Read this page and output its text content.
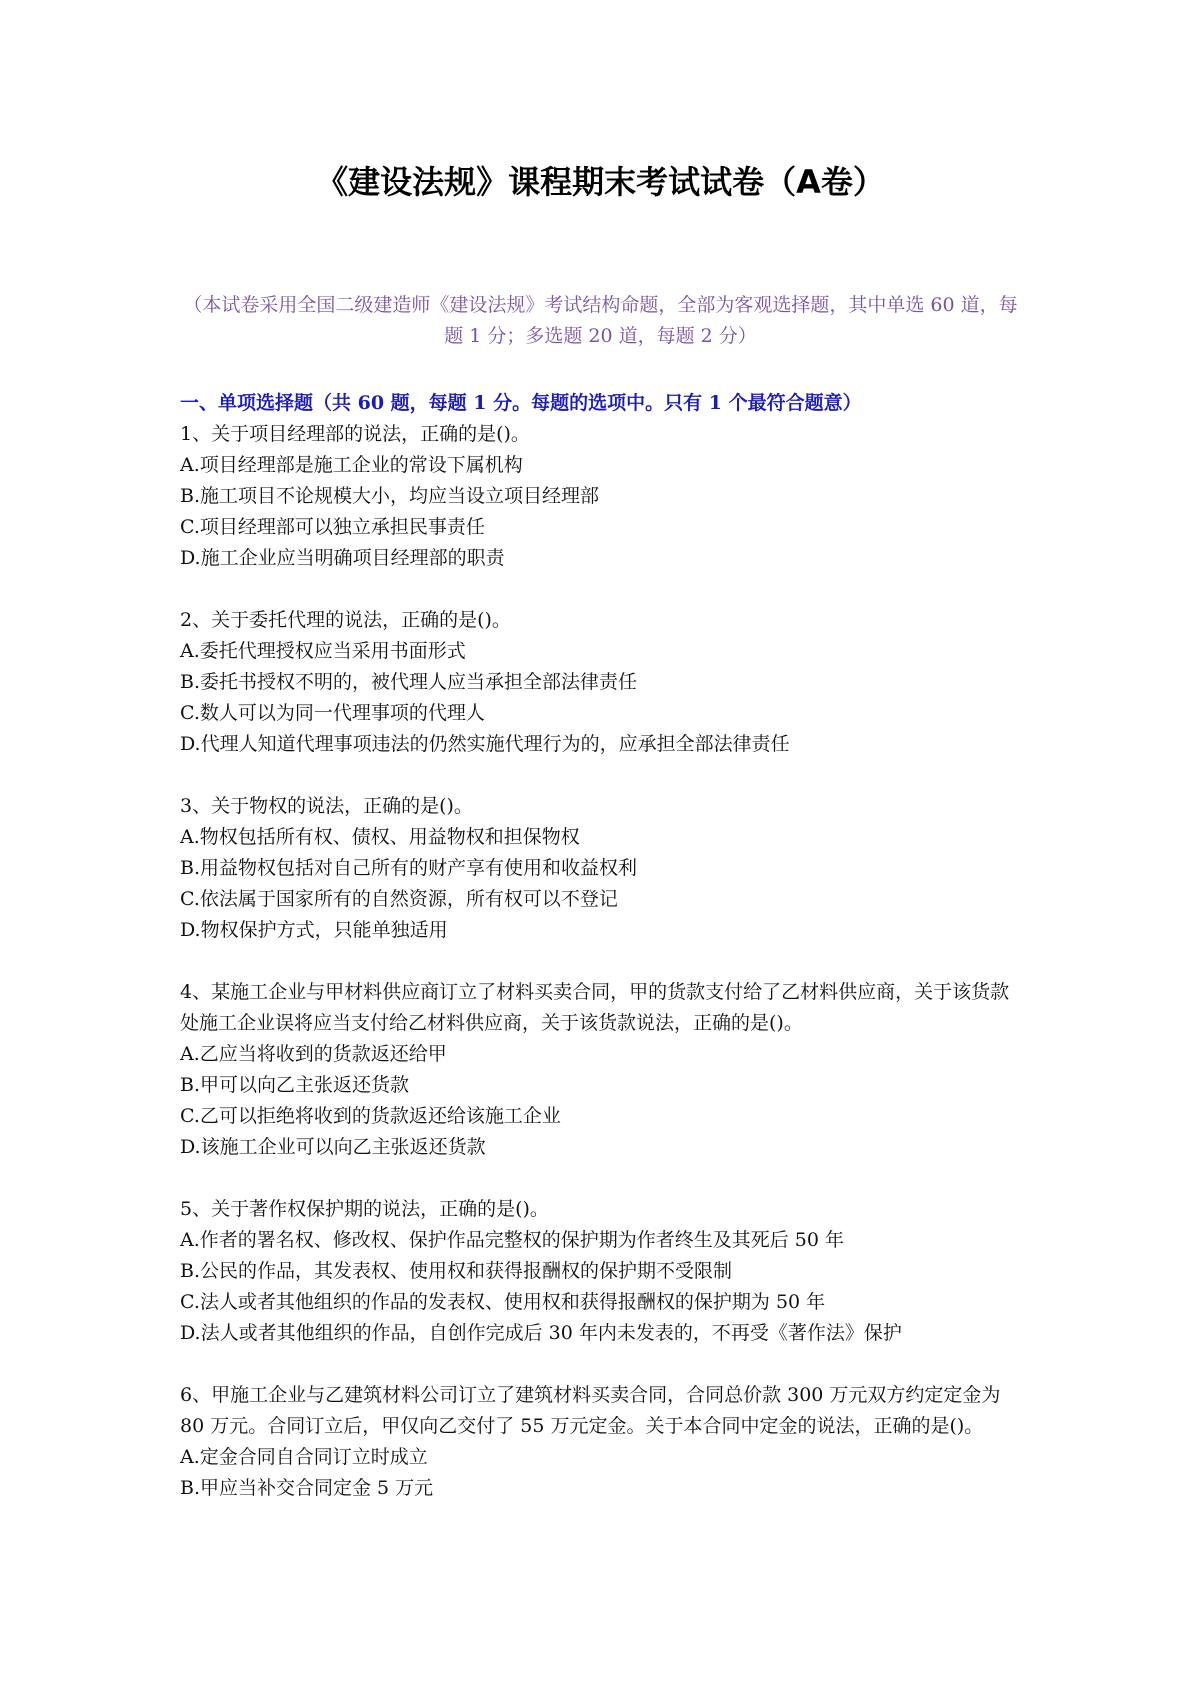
《建设法规》课程期末考试试卷（A卷）

（本试卷采用全国二级建造师《建设法规》考试结构命题，全部为客观选择题，其中单选 60 道，每题 1 分；多选题 20 道，每题 2 分）

一、单项选择题（共 60 题，每题 1 分。每题的选项中。只有 1 个最符合题意）
1、关于项目经理部的说法，正确的是()。
A.项目经理部是施工企业的常设下属机构
B.施工项目不论规模大小，均应当设立项目经理部
C.项目经理部可以独立承担民事责任
D.施工企业应当明确项目经理部的职责
2、关于委托代理的说法，正确的是()。
A.委托代理授权应当采用书面形式
B.委托书授权不明的，被代理人应当承担全部法律责任
C.数人可以为同一代理事项的代理人
D.代理人知道代理事项违法的仍然实施代理行为的，应承担全部法律责任
3、关于物权的说法，正确的是()。
A.物权包括所有权、债权、用益物权和担保物权
B.用益物权包括对自己所有的财产享有使用和收益权利
C.依法属于国家所有的自然资源，所有权可以不登记
D.物权保护方式，只能单独适用
4、某施工企业与甲材料供应商订立了材料买卖合同，甲的货款支付给了乙材料供应商，关于该货款处施工企业误将应当支付给乙材料供应商，关于该货款说法，正确的是()。
A.乙应当将收到的货款返还给甲
B.甲可以向乙主张返还货款
C.乙可以拒绝将收到的货款返还给该施工企业
D.该施工企业可以向乙主张返还货款
5、关于著作权保护期的说法，正确的是()。
A.作者的署名权、修改权、保护作品完整权的保护期为作者终生及其死后 50 年
B.公民的作品，其发表权、使用权和获得报酬权的保护期不受限制
C.法人或者其他组织的作品的发表权、使用权和获得报酬权的保护期为 50 年
D.法人或者其他组织的作品，自创作完成后 30 年内未发表的，不再受《著作法》保护
6、甲施工企业与乙建筑材料公司订立了建筑材料买卖合同，合同总价款 300 万元双方约定定金为 80 万元。合同订立后，甲仅向乙交付了 55 万元定金。关于本合同中定金的说法，正确的是()。
A.定金合同自合同订立时成立
B.甲应当补交合同定金 5 万元
